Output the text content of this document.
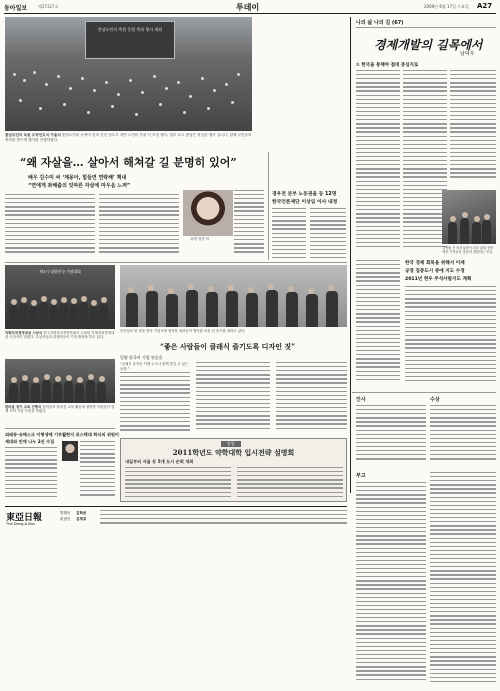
동아일보	제27327호	투데이	2009년 6월 17일 수요일 A27
총남도민의 축원 응원 축하 행사 개최
충남도민의 녹원 도약선도식 가을식 충남도민의 녹색이 신의 선진 성도지 자연 도전의 가을 식 모임 행사. 정부 보고 충남은 중심한 행사 입니다. 함께 도민들의 축하를 받으며 행사를 진행하였다.
“왜 자살을… 살아서 해쳐갈 길 분명히 있어”
배우 김수미 씨 ‘계몽아, 힘들면 연락해’ 책내
“면에게 좌해줍의 잇따른 자살에 마우음 느껴”
유명 영천 씨
경우전 본부 노동권을 등 12명
한국언론재단 이상임 이사 내정
나의 삶 나의 길 (67)
경제개발의 길목에서
남덕우
① 한국을 통해야 절대 중심지로
김종필 전 비서실장이 외부 위원 현장에서 기자들의 질문에 대답하는 모습.
한국 경제 회복을 위해서 이제
공장 집중도시 중에 지도 수정
2011년 현우 주석사람지도 계획
인사	수상
부고
제3기 대한민국 기념대회
지방자치경영대상 시상식 한국지방자치경영학회가 주최한 지방자치경영대상 시상식이 열렸다. 수상자들과 관계자들이 기념 촬영을 하고 있다.
한마음 장기 교육 진행식 동아일보 한마음 교육 활동에 참여한 사람들이 함께 모여 기념 사진을 찍었다.
동아일보 한 마음 봉사 기념식에 참석한 대표들이 행사를 마친 뒤 포즈를 취하고 있다.
“좋은 사람들이 클래식 즐기도록 디자인 짓”
밀양 한국어 기업 연습을
“클래식 음악은 이제 누구나 함께 즐길 수 있는 문화.”
외래동·유해스크 이형생에 기부금
세대와 인에 나누 2선 수집
김현지 포스텍대 학식의 위원이
알림
2011학년도 약학대학 입시전략 설명회
내일부터 서울 등 5개 도시 순회 개최
東亞日報
The Dong-A Ilbo
발행인 김학준
편집인 김재호
